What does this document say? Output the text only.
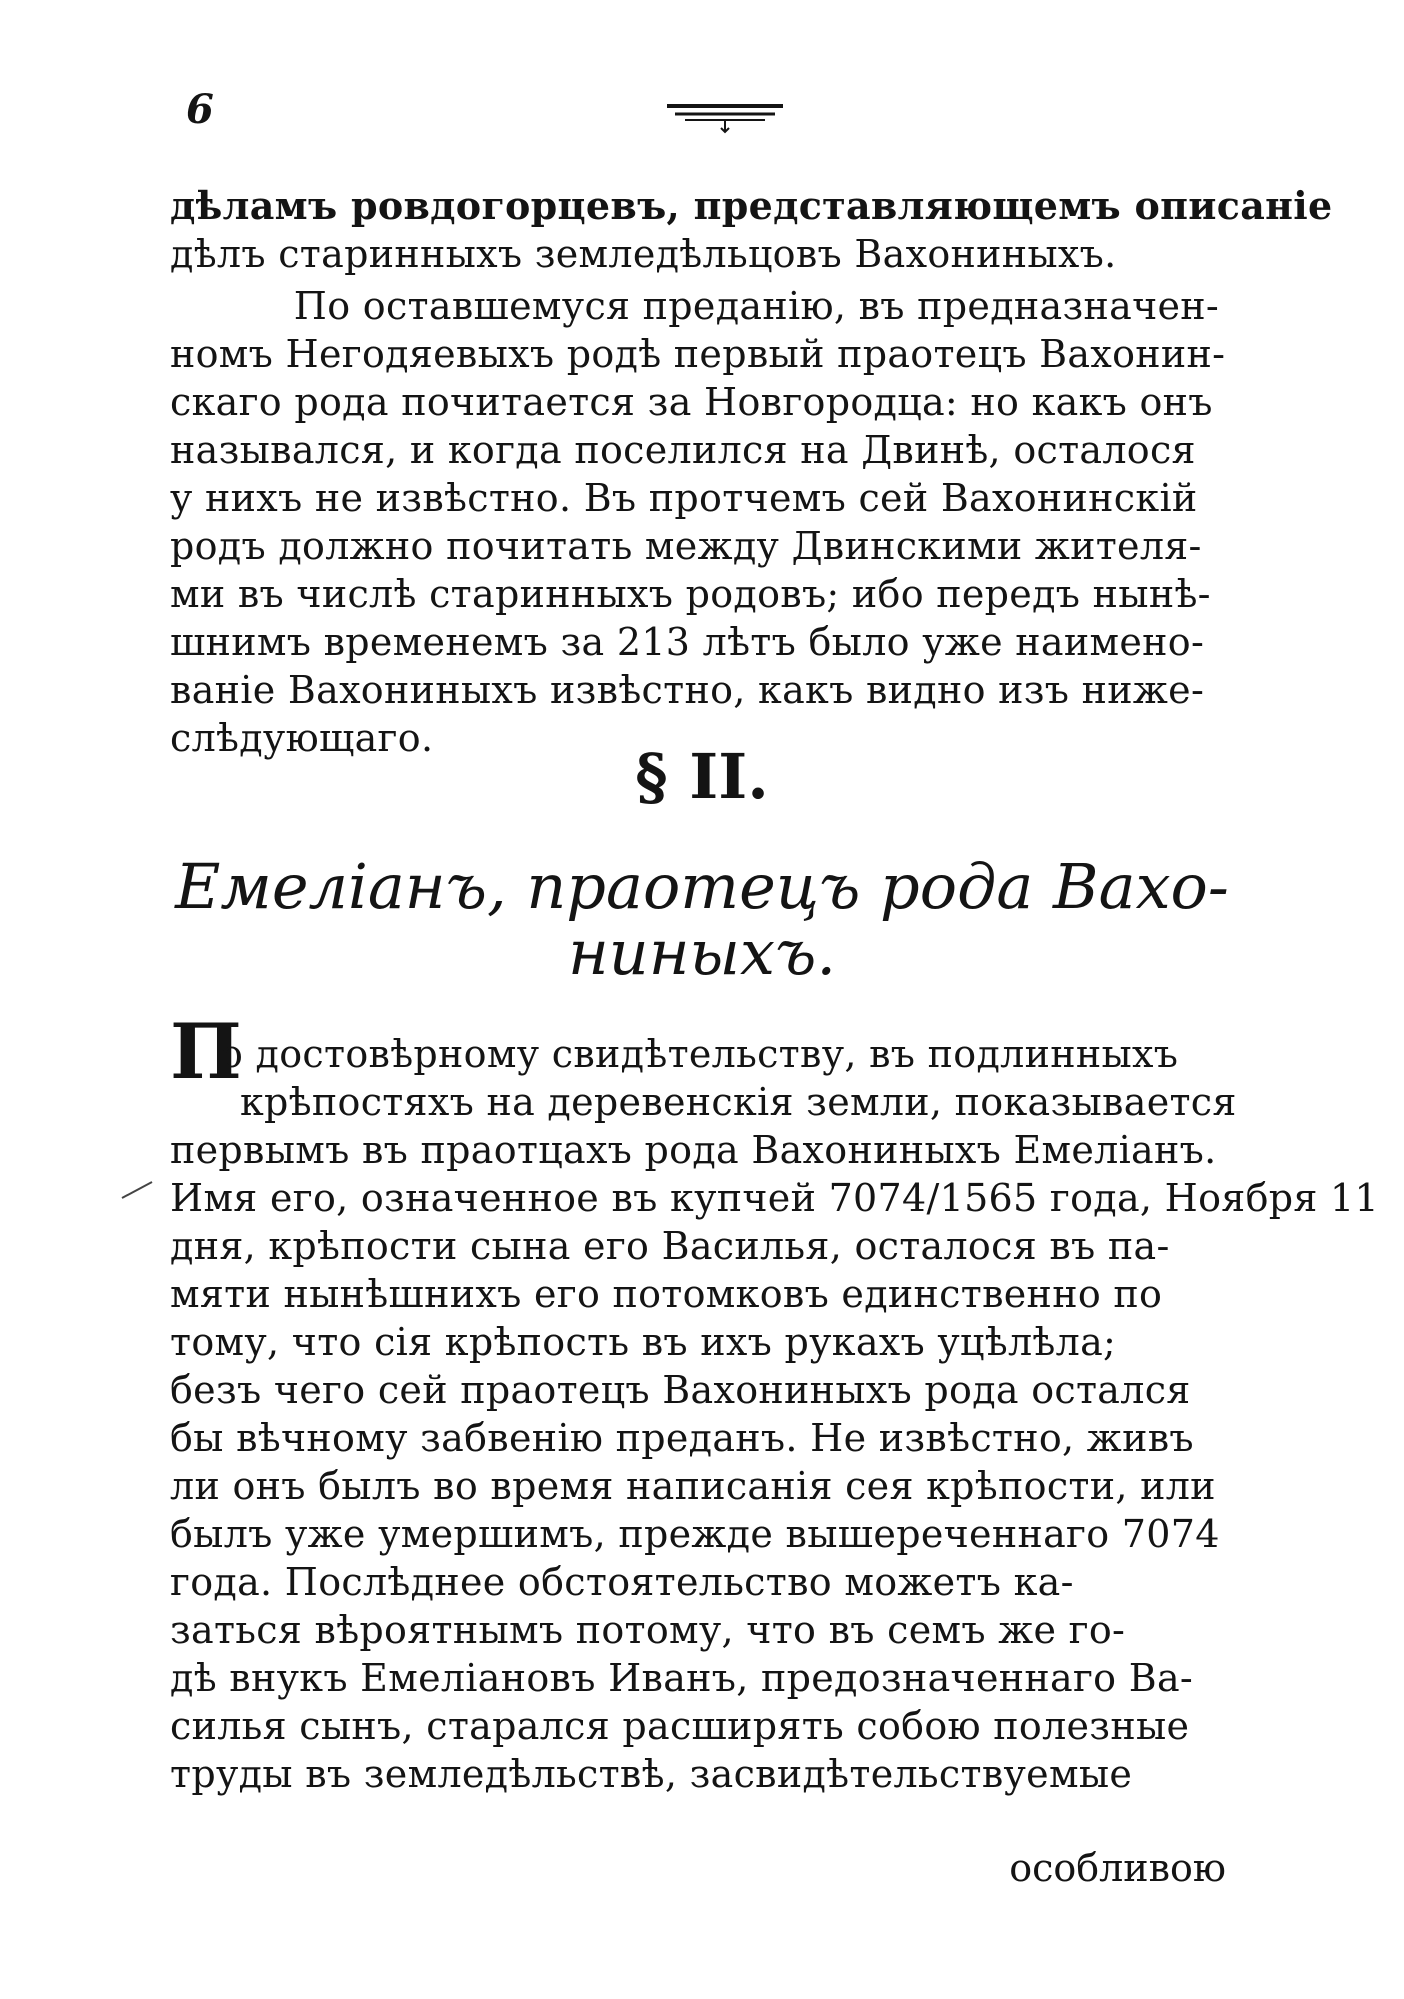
6
дѣламъ ровдогорцевъ, представляющемъ описаніе
дѣлъ старинныхъ земледѣльцовъ Вахониныхъ.
По оставшемуся преданію, въ предназначен-
номъ Негодяевыхъ родѣ первый праотецъ Вахонин-
скаго рода почитается за Новгородца: но какъ онъ
назывался, и когда поселился на Двинѣ, осталося
у нихъ не извѣстно. Въ протчемъ сей Вахонинскій
родъ должно почитать между Двинскими жителя-
ми въ числѣ старинныхъ родовъ; ибо передъ нынѣ-
шнимъ временемъ за 213 лѣтъ было уже наимено-
ваніе Вахониныхъ извѣстно, какъ видно изъ ниже-
слѣдующаго.
§ II.
Емеліанъ, праотецъ рода Вахо-
ниныхъ.
П
о достовѣрному свидѣтельству, въ подлинныхъ
крѣпостяхъ на деревенскія земли, показывается
первымъ въ праотцахъ рода Вахониныхъ Емеліанъ.
Имя его, означенное въ купчей 7074/1565 года, Ноября 11
дня, крѣпости сына его Василья, осталося въ па-
мяти нынѣшнихъ его потомковъ единственно по
тому, что сія крѣпость въ ихъ рукахъ уцѣлѣла;
безъ чего сей праотецъ Вахониныхъ рода остался
бы вѣчному забвенію преданъ. Не извѣстно, живъ
ли онъ былъ во время написанія сея крѣпости, или
былъ уже умершимъ, прежде вышереченнаго 7074
года. Послѣднее обстоятельство можетъ ка-
заться вѣроятнымъ потому, что въ семъ же го-
дѣ внукъ Емеліановъ Иванъ, предозначеннаго Ва-
силья сынъ, старался расширять собою полезные
труды въ земледѣльствѣ, засвидѣтельствуемые
особливою
